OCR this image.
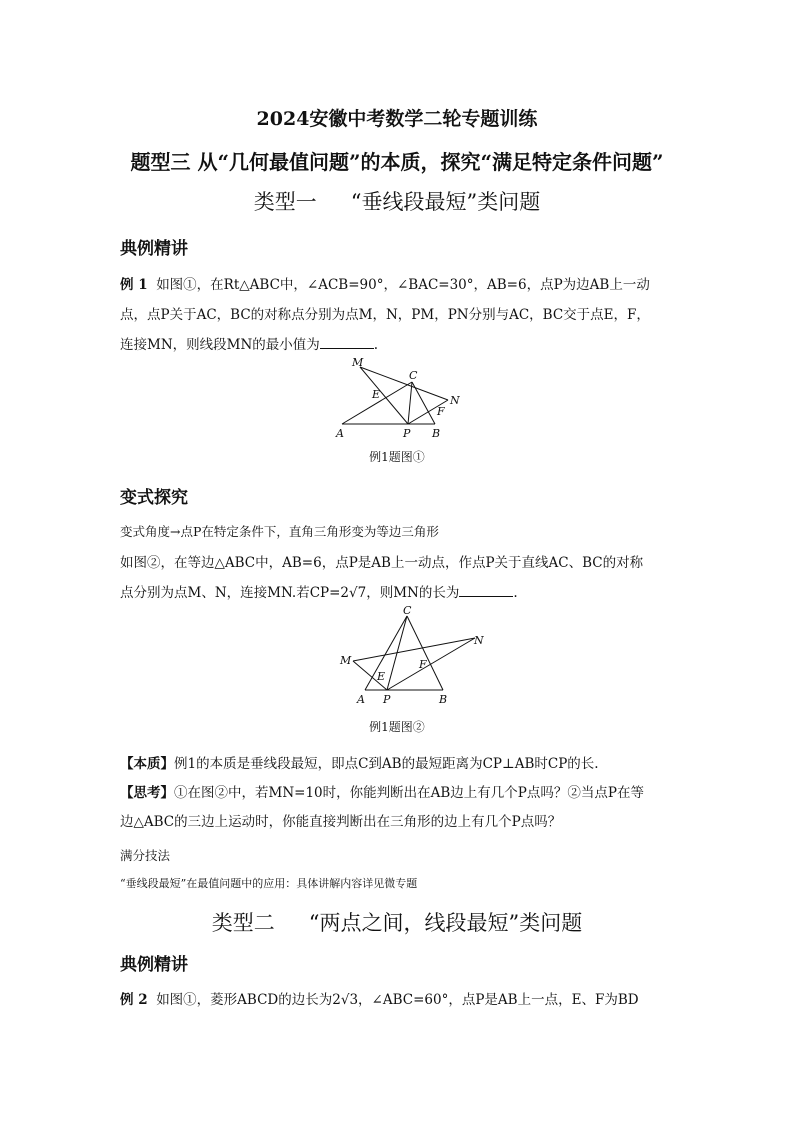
2024安徽中考数学二轮专题训练
题型三 从“几何最值问题”的本质，探究“满足特定条件问题”
类型一 “垂线段最短”类问题
典例精讲
例 1 如图①，在Rt△ABC中，∠ACB=90°，∠BAC=30°，AB=6，点P为边AB上一动
点，点P关于AC，BC的对称点分别为点M，N，PM，PN分别与AC，BC交于点E，F，
连接MN，则线段MN的最小值为	.
M
C
E	N
F
A	P B
例1题图①
变式探究
变式角度→点P在特定条件下，直角三角形变为等边三角形
如图②，在等边△ABC中，AB=6，点P是AB上一动点，作点P关于直线AC、BC的对称
点分别为点M、N，连接MN.若CP=2√7，则MN的长为	.
C
N
M	F
E
A P	B
例1题图②
【本质】例1的本质是垂线段最短，即点C到AB的最短距离为CP⊥AB时CP的长.
【思考】①在图②中，若MN=10时，你能判断出在AB边上有几个P点吗？②当点P在等
边△ABC的三边上运动时，你能直接判断出在三角形的边上有几个P点吗？
满分技法
“垂线段最短”在最值问题中的应用：具体讲解内容详见微专题
类型二 “两点之间，线段最短”类问题
典例精讲
例 2 如图①，菱形ABCD的边长为2√3，∠ABC=60°，点P是AB上一点，E、F为BD
